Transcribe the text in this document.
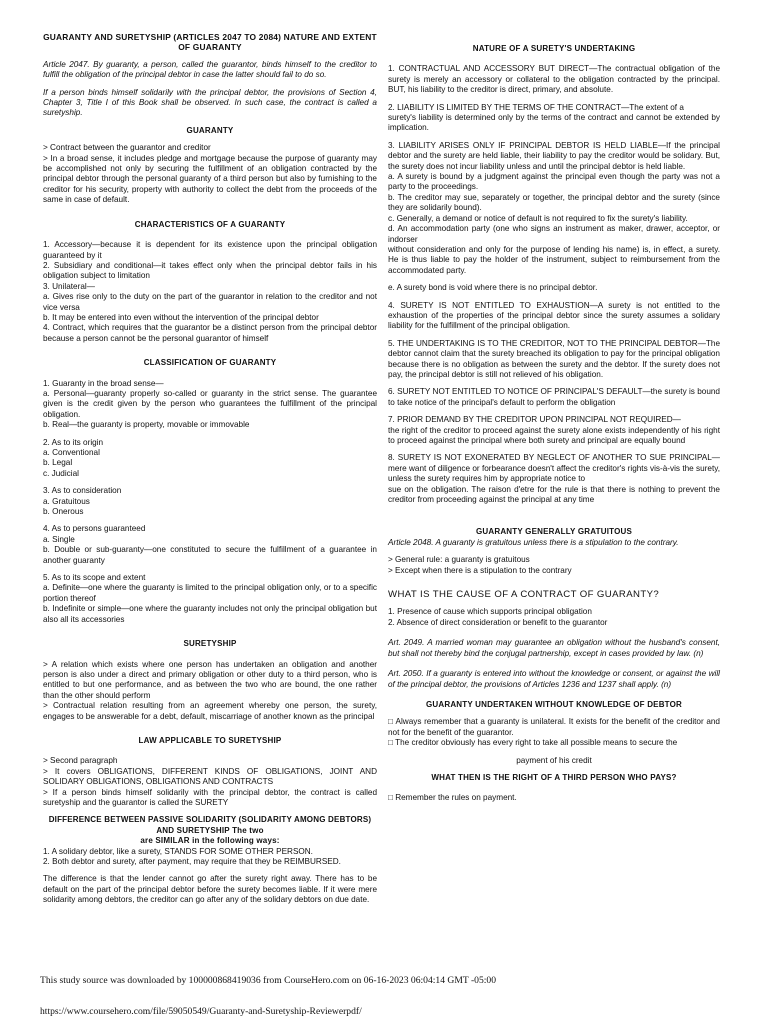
GUARANTY AND SURETYSHIP (ARTICLES 2047 TO 2084) NATURE AND EXTENT OF GUARANTY

Article 2047. By guaranty, a person, called the guarantor, binds himself to the creditor to fulfill the obligation of the principal debtor in case the latter should fail to do so.

If a person binds himself solidarily with the principal debtor, the provisions of Section 4, Chapter 3, Title I of this Book shall be observed. In such case, the contract is called a suretyship.

GUARANTY

> Contract between the guarantor and creditor

> In a broad sense, it includes pledge and mortgage because the purpose of guaranty may be accomplished not only by securing the fulfillment of an obligation contracted by the principal debtor through the personal guaranty of a third person but also by furnishing to the creditor for his security, property with authority to collect the debt from the proceeds of the same in case of default.

CHARACTERISTICS OF A GUARANTY

1. Accessory—because it is dependent for its existence upon the principal obligation guaranteed by it

2. Subsidiary and conditional—it takes effect only when the principal debtor fails in his obligation subject to limitation

3. Unilateral—

a. Gives rise only to the duty on the part of the guarantor in relation to the creditor and not vice versa

b. It may be entered into even without the intervention of the principal debtor

4. Contract, which requires that the guarantor be a distinct person from the principal debtor because a person cannot be the personal guarantor of himself

CLASSIFICATION OF GUARANTY

1. Guaranty in the broad sense—

a. Personal—guaranty properly so-called or guaranty in the strict sense. The guarantee given is the credit given by the person who guarantees the fulfillment of the principal obligation.

b. Real—the guaranty is property, movable or immovable

2. As to its origin

a. Conventional

b. Legal

c. Judicial

3. As to consideration

a. Gratuitous

b. Onerous

4. As to persons guaranteed

a. Single

b. Double or sub-guaranty—one constituted to secure the fulfillment of a guarantee in another guaranty

5. As to its scope and extent

a. Definite—one where the guaranty is limited to the principal obligation only, or to a specific portion thereof

b. Indefinite or simple—one where the guaranty includes not only the principal obligation but also all its accessories

SURETYSHIP

> A relation which exists where one person has undertaken an obligation and another person is also under a direct and primary obligation or other duty to a third person, who is entitled to but one performance, and as between the two who are bound, the one rather than the other should perform

> Contractual relation resulting from an agreement whereby one person, the surety, engages to be answerable for a debt, default, miscarriage of another known as the principal

LAW APPLICABLE TO SURETYSHIP

> Second paragraph

> It covers OBLIGATIONS, DIFFERENT KINDS OF OBLIGATIONS, JOINT AND SOLIDARY OBLIGATIONS, OBLIGATIONS AND CONTRACTS

> If a person binds himself solidarily with the principal debtor, the contract is called suretyship and the guarantor is called the SURETY

DIFFERENCE BETWEEN PASSIVE SOLIDARITY (SOLIDARITY AMONG DEBTORS) AND SURETYSHIP The two

are SIMILAR in the following ways:

1. A solidary debtor, like a surety, STANDS FOR SOME OTHER PERSON.

2. Both debtor and surety, after payment, may require that they be REIMBURSED.

The difference is that the lender cannot go after the surety right away. There has to be default on the part of the principal debtor before the surety becomes liable. If it were mere solidarity among debtors, the creditor can go after any of the solidary debtors on due date.

NATURE OF A SURETY'S UNDERTAKING

1. CONTRACTUAL AND ACCESSORY BUT DIRECT—The contractual obligation of the surety is merely an accessory or collateral to the obligation contracted by the principal. BUT, his liability to the creditor is direct, primary, and absolute.

2. LIABILITY IS LIMITED BY THE TERMS OF THE CONTRACT—The extent of a

surety's liability is determined only by the terms of the contract and cannot be extended by implication.

3. LIABILITY ARISES ONLY IF PRINCIPAL DEBTOR IS HELD LIABLE—If the principal debtor and the surety are held liable, their liability to pay the creditor would be solidary. But, the surety does not incur liability unless and until the principal debtor is held liable.

a. A surety is bound by a judgment against the principal even though the party was not a party to the proceedings.

b. The creditor may sue, separately or together, the principal debtor and the surety (since they are solidarily bound).

c. Generally, a demand or notice of default is not required to fix the surety's liability.

d. An accommodation party (one who signs an instrument as maker, drawer, acceptor, or indorser

without consideration and only for the purpose of lending his name) is, in effect, a surety. He is thus liable to pay the holder of the instrument, subject to reimbursement from the accommodated party.

e. A surety bond is void where there is no principal debtor.

4. SURETY IS NOT ENTITLED TO EXHAUSTION—A surety is not entitled to the exhaustion of the properties of the principal debtor since the surety assumes a solidary liability for the fulfillment of the principal obligation.

5. THE UNDERTAKING IS TO THE CREDITOR, NOT TO THE PRINCIPAL DEBTOR—The debtor cannot claim that the surety breached its obligation to pay for the principal obligation because there is no obligation as between the surety and the debtor. If the surety does not pay, the principal debtor is still not relieved of his obligation.

6. SURETY NOT ENTITLED TO NOTICE OF PRINCIPAL'S DEFAULT—the surety is bound to take notice of the principal's default to perform the obligation

7. PRIOR DEMAND BY THE CREDITOR UPON PRINCIPAL NOT REQUIRED—

the right of the creditor to proceed against the surety alone exists independently of his right to proceed against the principal where both surety and principal are equally bound

8. SURETY IS NOT EXONERATED BY NEGLECT OF ANOTHER TO SUE PRINCIPAL—mere want of diligence or forbearance doesn't affect the creditor's rights vis-à-vis the surety, unless the surety requires him by appropriate notice to

sue on the obligation. The raison d'etre for the rule is that there is nothing to prevent the creditor from proceeding against the principal at any time

GUARANTY GENERALLY GRATUITOUS

Article 2048. A guaranty is gratuitous unless there is a stipulation to the contrary.

> General rule: a guaranty is gratuitous

> Except when there is a stipulation to the contrary

WHAT IS THE CAUSE OF A CONTRACT OF GUARANTY?

1. Presence of cause which supports principal obligation

2. Absence of direct consideration or benefit to the guarantor

Art. 2049. A married woman may guarantee an obligation without the husband's consent, but shall not thereby bind the conjugal partnership, except in cases provided by law. (n)

Art. 2050. If a guaranty is entered into without the knowledge or consent, or against the will of the principal debtor, the provisions of Articles 1236 and 1237 shall apply. (n)

GUARANTY UNDERTAKEN WITHOUT KNOWLEDGE OF DEBTOR

□ Always remember that a guaranty is unilateral. It exists for the benefit of the creditor and not for the benefit of the guarantor.

□ The creditor obviously has every right to take all possible means to secure the

payment of his credit

WHAT THEN IS THE RIGHT OF A THIRD PERSON WHO PAYS?

□ Remember the rules on payment.

This study source was downloaded by 100000868419036 from CourseHero.com on 06-16-2023 06:04:14 GMT -05:00
https://www.coursehero.com/file/59050549/Guaranty-and-Suretyship-Reviewerpdf/
